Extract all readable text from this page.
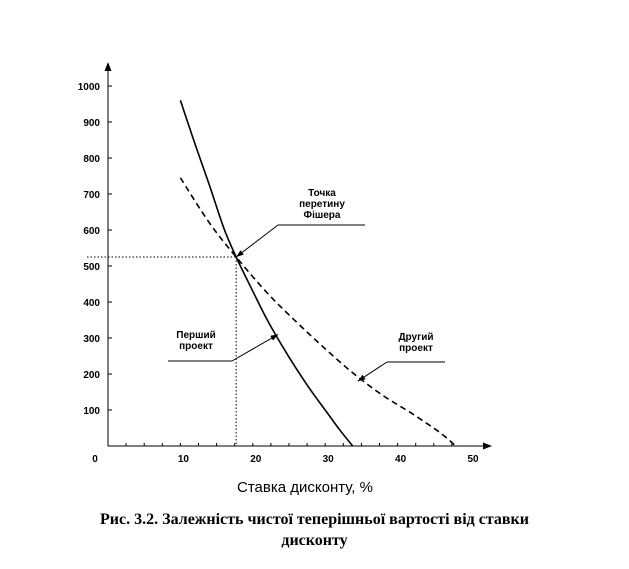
100
200
300
400
500
600
700
800
900
1000
0	10	20	30	40	50
Точка
перетину
Фішера
Перший
проект
Другий
проект
Ставка дисконту, %
Рис. 3.2. Залежність чистої теперішньої вартості від ставки
дисконту
